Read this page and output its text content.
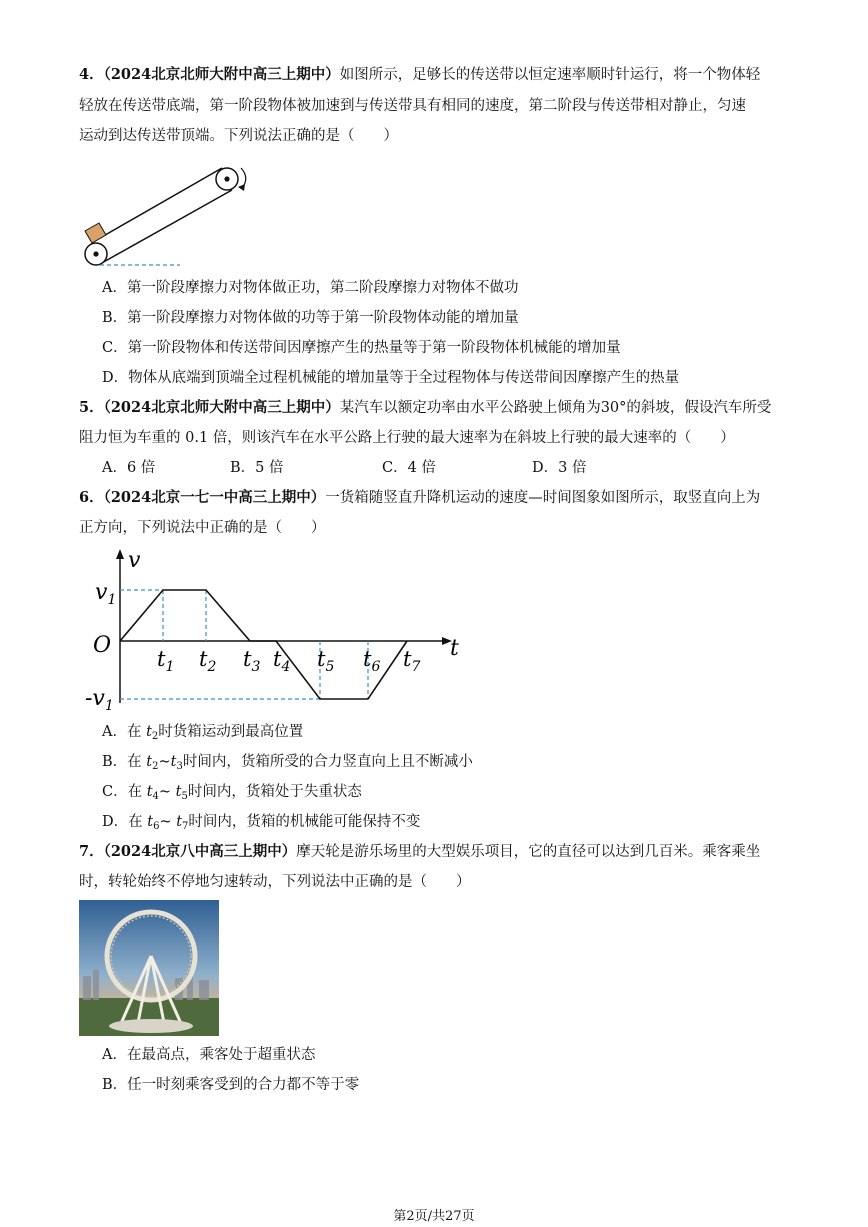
4．（2024北京北师大附中高三上期中）如图所示，足够长的传送带以恒定速率顺时针运行，将一个物体轻
轻放在传送带底端，第一阶段物体被加速到与传送带具有相同的速度，第二阶段与传送带相对静止，匀速
运动到达传送带顶端。下列说法正确的是（　　）
A．第一阶段摩擦力对物体做正功，第二阶段摩擦力对物体不做功
B．第一阶段摩擦力对物体做的功等于第一阶段物体动能的增加量
C．第一阶段物体和传送带间因摩擦产生的热量等于第一阶段物体机械能的增加量
D．物体从底端到顶端全过程机械能的增加量等于全过程物体与传送带间因摩擦产生的热量
5．（2024北京北师大附中高三上期中）某汽车以额定功率由水平公路驶上倾角为30°的斜坡，假设汽车所受
阻力恒为车重的 0.1 倍，则该汽车在水平公路上行驶的最大速率为在斜坡上行驶的最大速率的（　　）
A．6 倍	B．5 倍	C．4 倍	D．3 倍
6．（2024北京一七一中高三上期中）一货箱随竖直升降机运动的速度—时间图象如图所示，取竖直向上为
正方向，下列说法中正确的是（　　）
v
t
O
$v_1$
$-v_1$
$t_1$ $t_2$ $t_3$ $t_4$ $t_5$ $t_6$ $t_7$
A．在 $t_2$时货箱运动到最高位置
B．在 $t_2\sim t_3$时间内，货箱所受的合力竖直向上且不断减小
C．在 $t_4\sim$ $t_5$时间内，货箱处于失重状态
D．在 $t_6\sim$ $t_7$时间内，货箱的机械能可能保持不变
7．（2024北京八中高三上期中）摩天轮是游乐场里的大型娱乐项目，它的直径可以达到几百米。乘客乘坐
时，转轮始终不停地匀速转动，下列说法中正确的是（　　）
A．在最高点，乘客处于超重状态
B．任一时刻乘客受到的合力都不等于零
第2页/共27页
